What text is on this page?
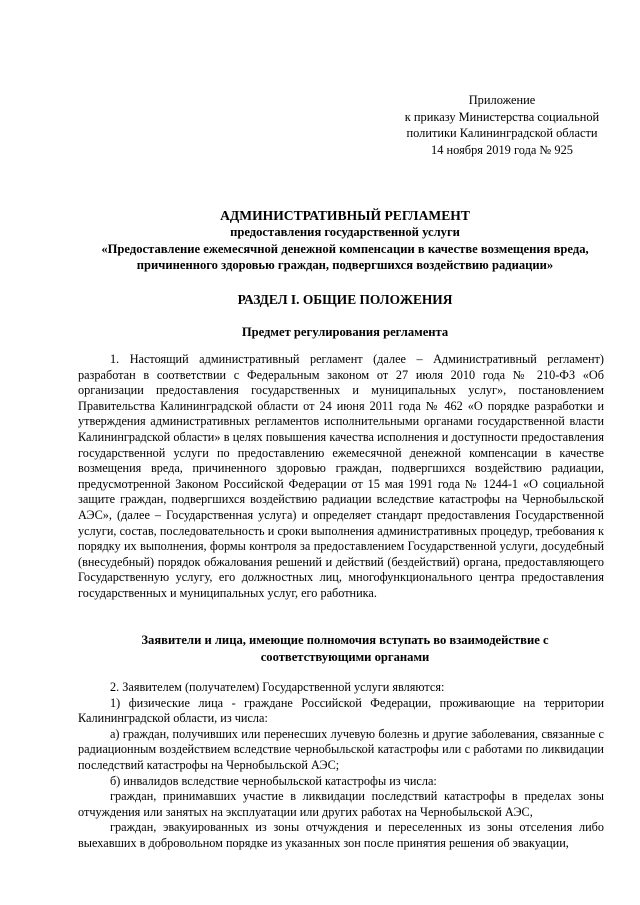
Приложение
к приказу Министерства социальной
политики Калининградской области
14 ноября 2019 года № 925
АДМИНИСТРАТИВНЫЙ РЕГЛАМЕНТ
предоставления государственной услуги
«Предоставление ежемесячной денежной компенсации в качестве возмещения вреда,
причиненного здоровью граждан, подвергшихся воздействию радиации»
РАЗДЕЛ I. ОБЩИЕ ПОЛОЖЕНИЯ
Предмет регулирования регламента

1. Настоящий административный регламент (далее – Административный регламент) разработан в соответствии с Федеральным законом от 27 июля 2010 года № 210-ФЗ «Об организации предоставления государственных и муниципальных услуг», постановлением Правительства Калининградской области от 24 июня 2011 года № 462 «О порядке разработки и утверждения административных регламентов исполнительными органами государственной власти Калининградской области» в целях повышения качества исполнения и доступности предоставления государственной услуги по предоставлению ежемесячной денежной компенсации в качестве возмещения вреда, причиненного здоровью граждан, подвергшихся воздействию радиации, предусмотренной Законом Российской Федерации от 15 мая 1991 года № 1244-1 «О социальной защите граждан, подвергшихся воздействию радиации вследствие катастрофы на Чернобыльской АЭС», (далее – Государственная услуга) и определяет стандарт предоставления Государственной услуги, состав, последовательность и сроки выполнения административных процедур, требования к порядку их выполнения, формы контроля за предоставлением Государственной услуги, досудебный (внесудебный) порядок обжалования решений и действий (бездействий) органа, предоставляющего Государственную услугу, его должностных лиц, многофункционального центра предоставления государственных и муниципальных услуг, его работника.

Заявители и лица, имеющие полномочия вступать во взаимодействие с
соответствующими органами

2. Заявителем (получателем) Государственной услуги являются:

1) физические лица - граждане Российской Федерации, проживающие на территории Калининградской области, из числа:

а) граждан, получивших или перенесших лучевую болезнь и другие заболевания, связанные с радиационным воздействием вследствие чернобыльской катастрофы или с работами по ликвидации последствий катастрофы на Чернобыльской АЭС;

б) инвалидов вследствие чернобыльской катастрофы из числа:

граждан, принимавших участие в ликвидации последствий катастрофы в пределах зоны отчуждения или занятых на эксплуатации или других работах на Чернобыльской АЭС,

граждан, эвакуированных из зоны отчуждения и переселенных из зоны отселения либо выехавших в добровольном порядке из указанных зон после принятия решения об эвакуации,
